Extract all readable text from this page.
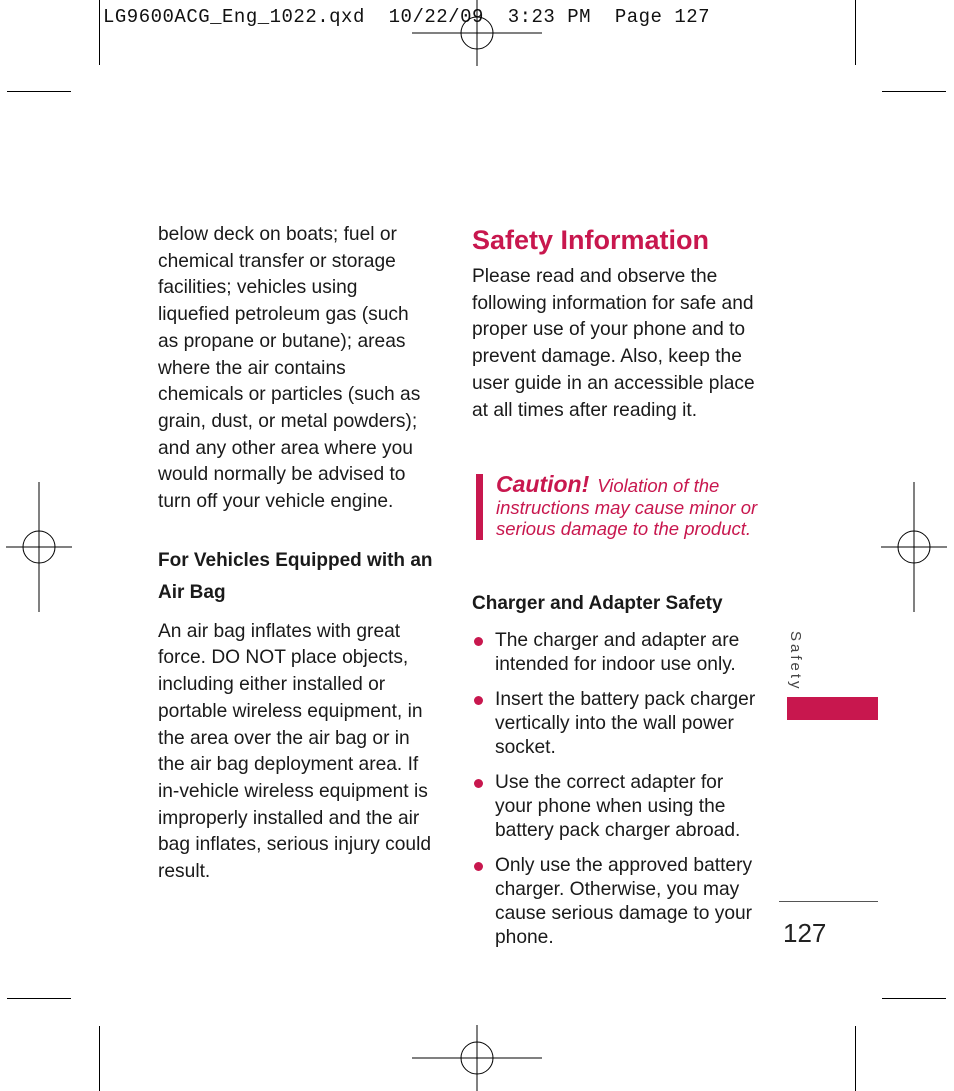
LG9600ACG_Eng_1022.qxd 10/22/09 3:23 PM Page 127

below deck on boats; fuel or chemical transfer or storage facilities; vehicles using liquefied petroleum gas (such as propane or butane); areas where the air contains chemicals or particles (such as grain, dust, or metal powders); and any other area where you would normally be advised to turn off your vehicle engine.

For Vehicles Equipped with an
Air Bag

An air bag inflates with great force. DO NOT place objects, including either installed or portable wireless equipment, in the area over the air bag or in the air bag deployment area. If in-vehicle wireless equipment is improperly installed and the air bag inflates, serious injury could result.

Safety Information

Please read and observe the following information for safe and proper use of your phone and to prevent damage. Also, keep the user guide in an accessible place at all times after reading it.

Caution! Violation of the instructions may cause minor or serious damage to the product.

Charger and Adapter Safety

The charger and adapter are intended for indoor use only.
Insert the battery pack charger vertically into the wall power socket.
Use the correct adapter for your phone when using the battery pack charger abroad.
Only use the approved battery charger. Otherwise, you may cause serious damage to your phone.
Safety
127
